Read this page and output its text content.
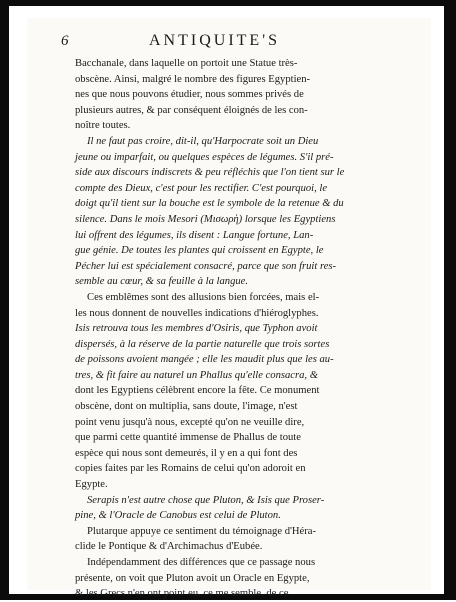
6	ANTIQUITE'S
Bacchanale, dans laquelle on portoit une Statue très-
obscène. Ainsi, malgré le nombre des figures Egyptien-
nes que nous pouvons étudier, nous sommes privés de
plusieurs autres, & par conséquent éloignés de les con-
noître toutes.
Il ne faut pas croire, dit-il, qu'Harpocrate soit un Dieu
jeune ou imparfait, ou quelques espèces de légumes. S'il pré-
side aux discours indiscrets & peu réfléchis que l'on tient sur le
compte des Dieux, c'est pour les rectifier. C'est pourquoi, le
doigt qu'il tient sur la bouche est le symbole de la retenue & du
silence. Dans le mois Mesori (Μισωρὴ) lorsque les Egyptiens
lui offrent des légumes, ils disent : Langue fortune, Lan-
gue génie. De toutes les plantes qui croissent en Egypte, le
Pécher lui est spécialement consacré, parce que son fruit res-
semble au cœur, & sa feuille à la langue.
Ces emblêmes sont des allusions bien forcées, mais el-
les nous donnent de nouvelles indications d'hiéroglyphes.
Isis retrouva tous les membres d'Osiris, que Typhon avoit
dispersés, à la réserve de la partie naturelle que trois sortes
de poissons avoient mangée ; elle les maudit plus que les au-
tres, & fit faire au naturel un Phallus qu'elle consacra, &
dont les Egyptiens célèbrent encore la fête. Ce monument
obscène, dont on multiplia, sans doute, l'image, n'est
point venu jusqu'à nous, excepté qu'on ne veuille dire,
que parmi cette quantité immense de Phallus de toute
espèce qui nous sont demeurés, il y en a qui font des
copies faites par les Romains de celui qu'on adoroit en
Egypte.
Serapis n'est autre chose que Pluton, & Isis que Proser-
pine, & l'Oracle de Canobus est celui de Pluton.
Plutarque appuye ce sentiment du témoignage d'Héra-
clide le Pontique & d'Archimachus d'Eubée.
Indépendamment des différences que ce passage nous
présente, on voit que Pluton avoit un Oracle en Egypte,
& les Grecs n'en ont point eu, ce me semble, de ce
